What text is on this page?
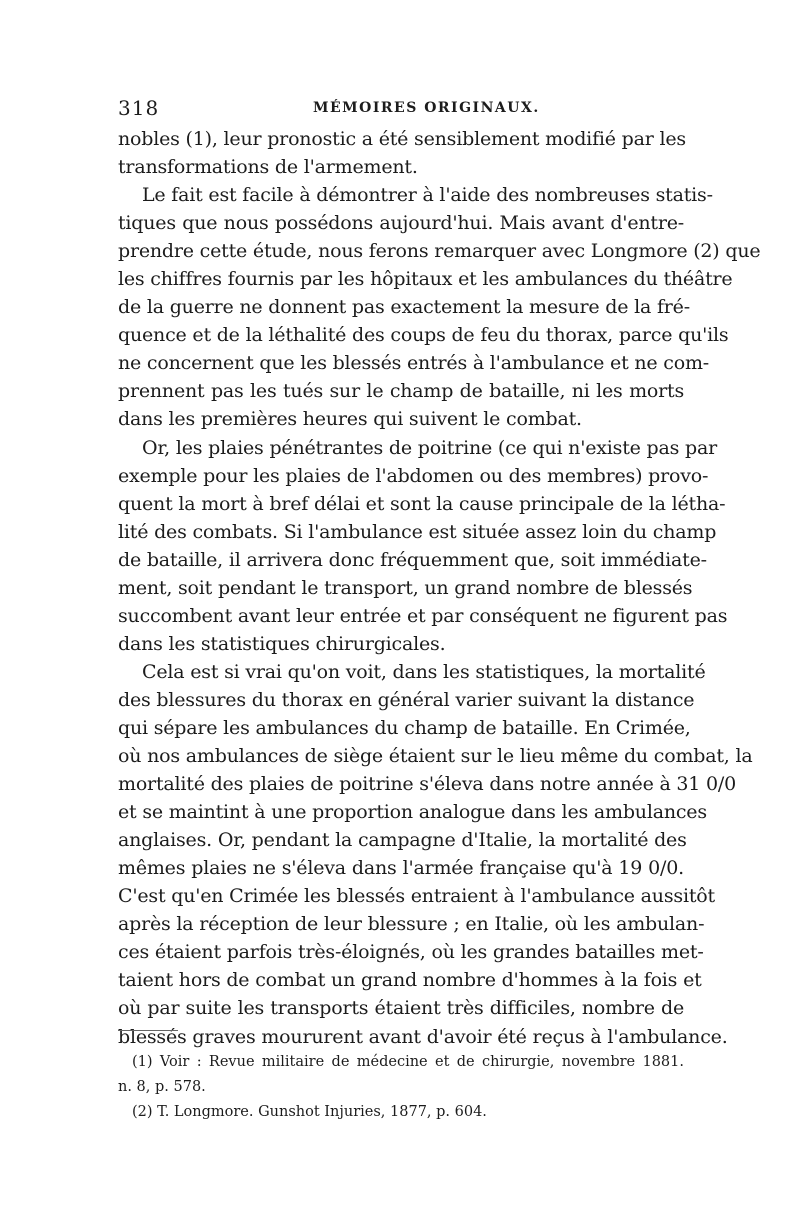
318	MÉMOIRES ORIGINAUX.
nobles (1), leur pronostic a été sensiblement modifié par les
transformations de l'armement.
Le fait est facile à démontrer à l'aide des nombreuses statis-
tiques que nous possédons aujourd'hui. Mais avant d'entre-
prendre cette étude, nous ferons remarquer avec Longmore (2) que
les chiffres fournis par les hôpitaux et les ambulances du théâtre
de la guerre ne donnent pas exactement la mesure de la fré-
quence et de la léthalité des coups de feu du thorax, parce qu'ils
ne concernent que les blessés entrés à l'ambulance et ne com-
prennent pas les tués sur le champ de bataille, ni les morts
dans les premières heures qui suivent le combat.
Or, les plaies pénétrantes de poitrine (ce qui n'existe pas par
exemple pour les plaies de l'abdomen ou des membres) provo-
quent la mort à bref délai et sont la cause principale de la létha-
lité des combats. Si l'ambulance est située assez loin du champ
de bataille, il arrivera donc fréquemment que, soit immédiate-
ment, soit pendant le transport, un grand nombre de blessés
succombent avant leur entrée et par conséquent ne figurent pas
dans les statistiques chirurgicales.
Cela est si vrai qu'on voit, dans les statistiques, la mortalité
des blessures du thorax en général varier suivant la distance
qui sépare les ambulances du champ de bataille. En Crimée,
où nos ambulances de siège étaient sur le lieu même du combat, la
mortalité des plaies de poitrine s'éleva dans notre année à 31 0/0
et se maintint à une proportion analogue dans les ambulances
anglaises. Or, pendant la campagne d'Italie, la mortalité des
mêmes plaies ne s'éleva dans l'armée française qu'à 19 0/0.
C'est qu'en Crimée les blessés entraient à l'ambulance aussitôt
après la réception de leur blessure ; en Italie, où les ambulan-
ces étaient parfois très-éloignés, où les grandes batailles met-
taient hors de combat un grand nombre d'hommes à la fois et
où par suite les transports étaient très difficiles, nombre de
blessés graves moururent avant d'avoir été reçus à l'ambulance.
(1) Voir : Revue militaire de médecine et de chirurgie, novembre 1881.
n. 8, p. 578.
(2) T. Longmore. Gunshot Injuries, 1877, p. 604.
